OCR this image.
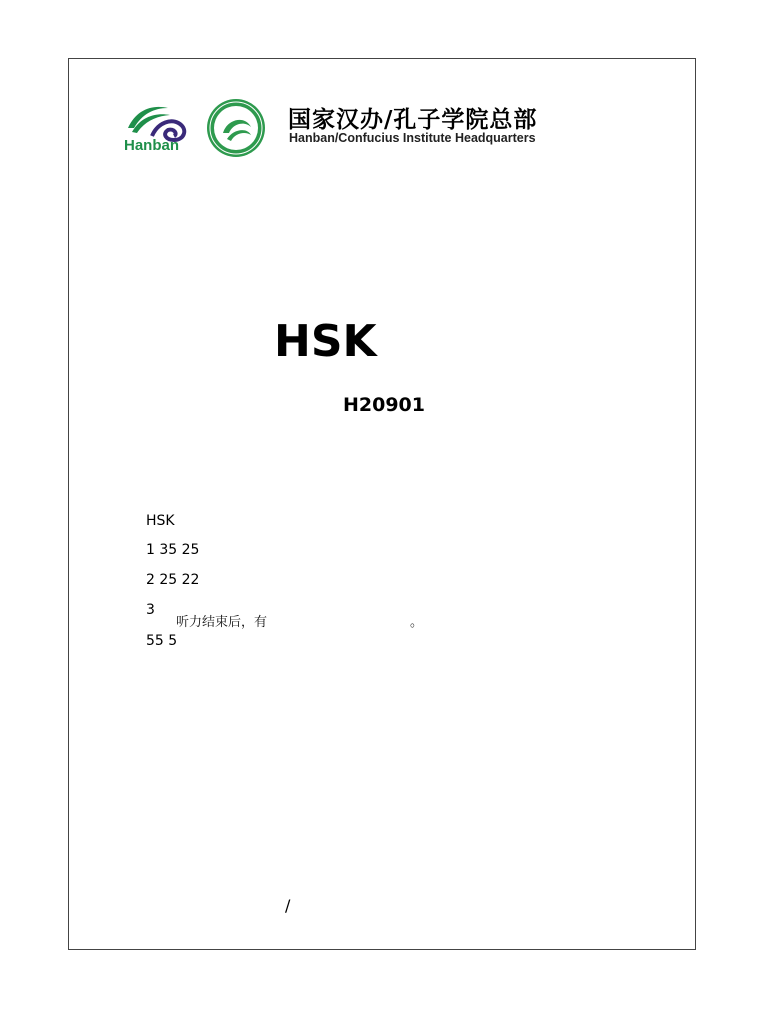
Hanban
国家汉办/孔子学院总部
Hanban/Confucius Institute Headquarters
HSK
H20901
HSK
1 35 25
2 25 22
3
听力结束后，有	。
55 5
/
